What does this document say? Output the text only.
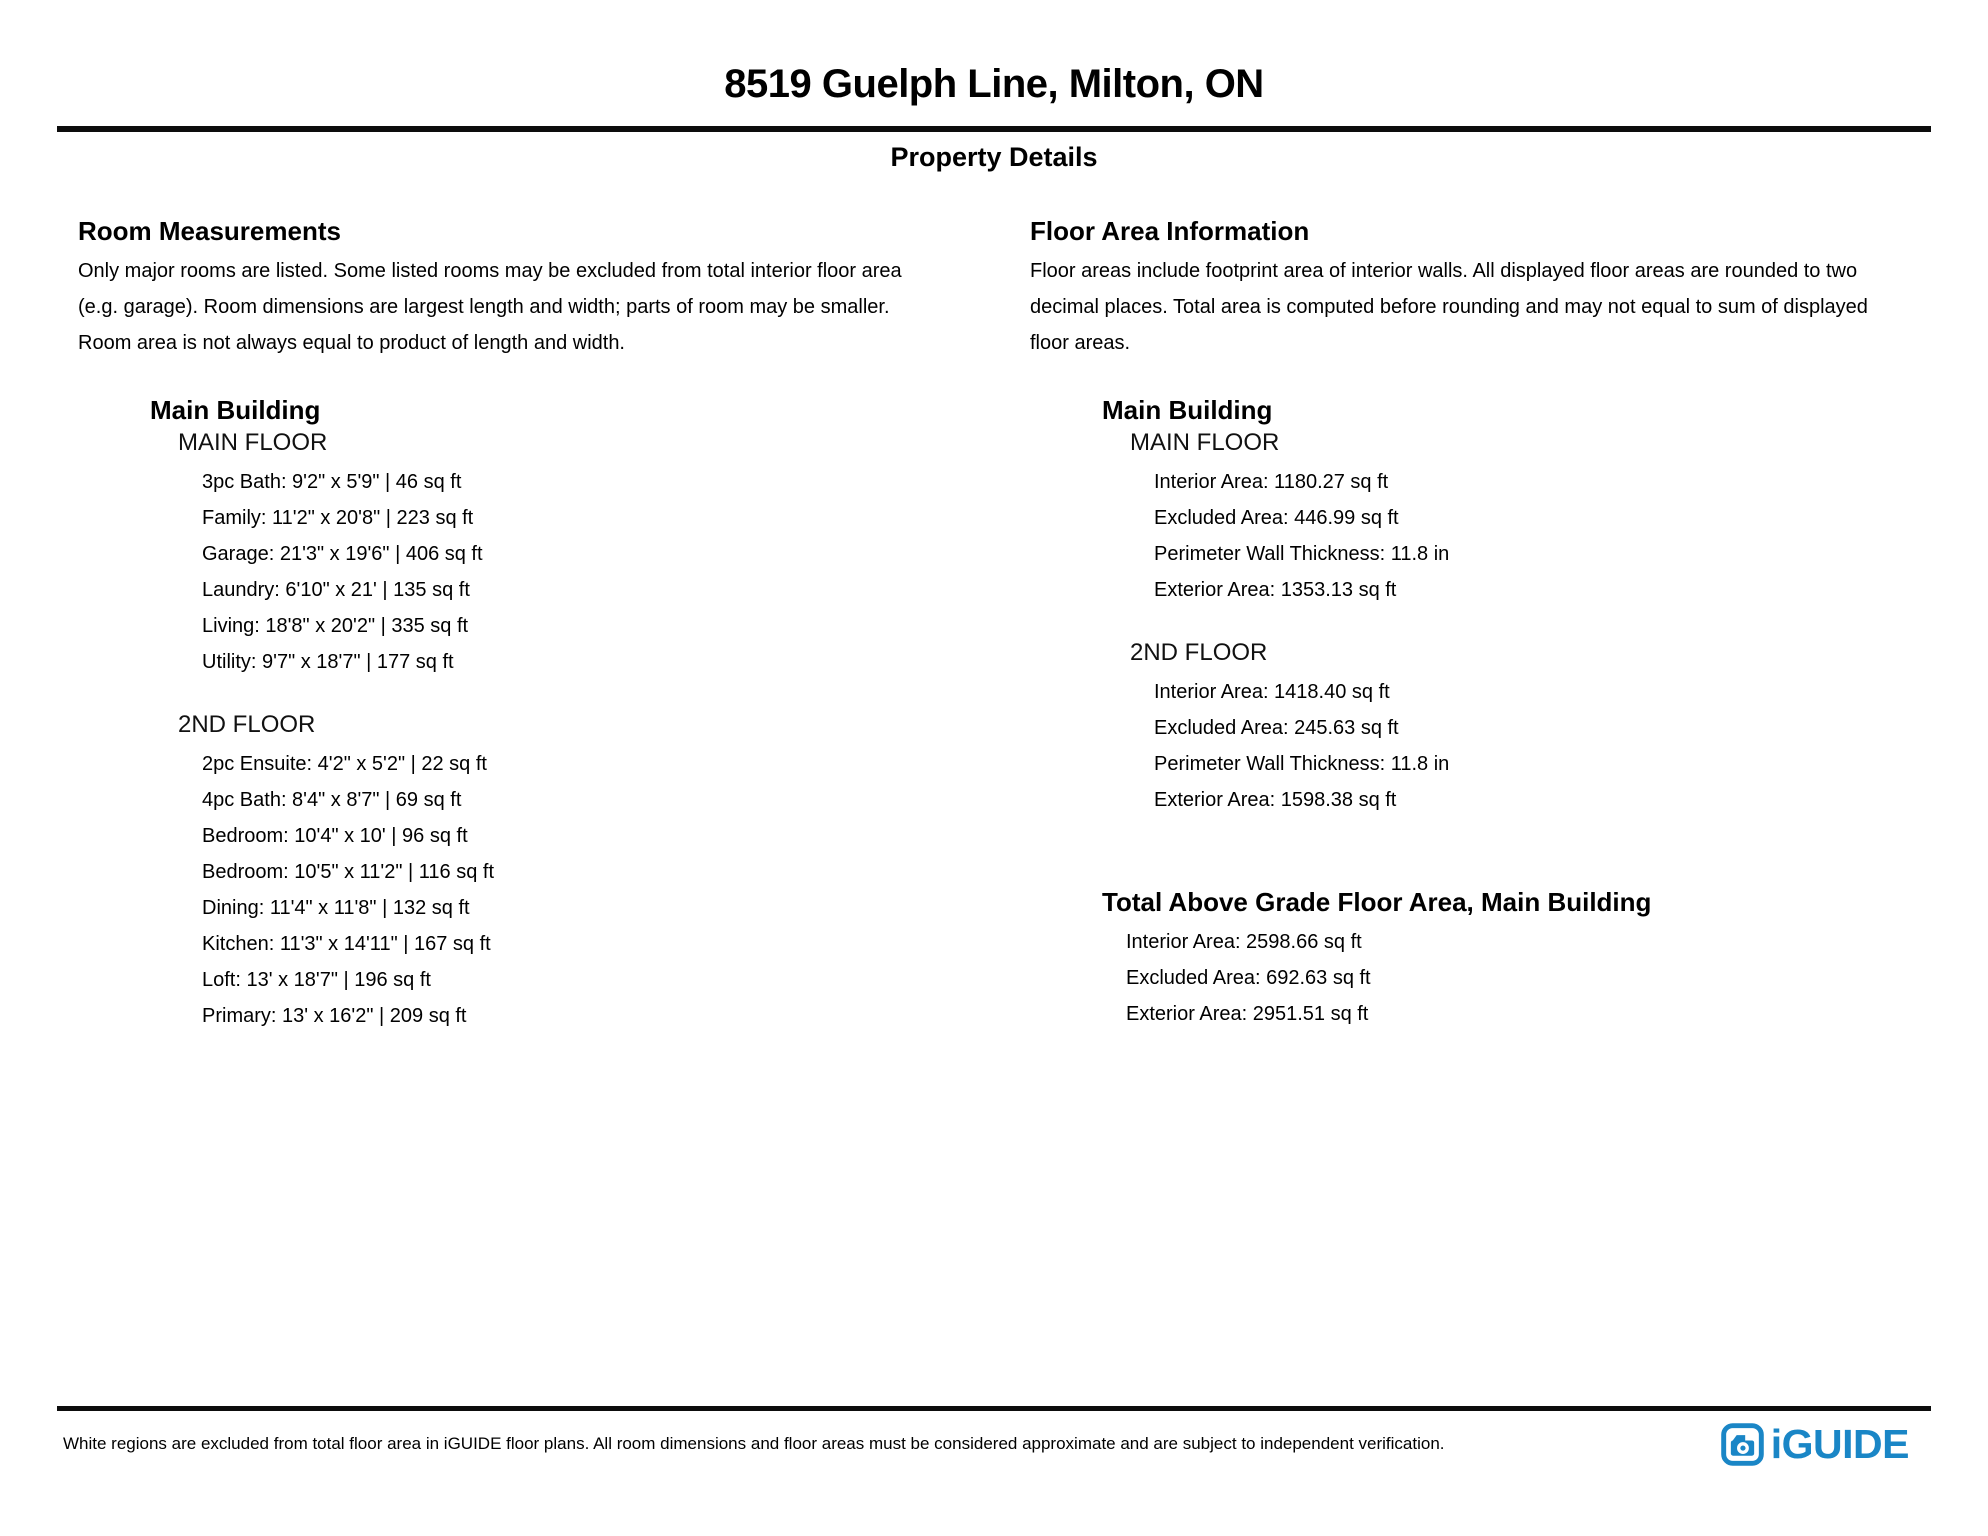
8519 Guelph Line, Milton, ON
Property Details
Room Measurements
Only major rooms are listed. Some listed rooms may be excluded from total interior floor area
(e.g. garage). Room dimensions are largest length and width; parts of room may be smaller.
Room area is not always equal to product of length and width.
Main Building
MAIN FLOOR
3pc Bath: 9'2" x 5'9" | 46 sq ft
Family: 11'2" x 20'8" | 223 sq ft
Garage: 21'3" x 19'6" | 406 sq ft
Laundry: 6'10" x 21' | 135 sq ft
Living: 18'8" x 20'2" | 335 sq ft
Utility: 9'7" x 18'7" | 177 sq ft
2ND FLOOR
2pc Ensuite: 4'2" x 5'2" | 22 sq ft
4pc Bath: 8'4" x 8'7" | 69 sq ft
Bedroom: 10'4" x 10' | 96 sq ft
Bedroom: 10'5" x 11'2" | 116 sq ft
Dining: 11'4" x 11'8" | 132 sq ft
Kitchen: 11'3" x 14'11" | 167 sq ft
Loft: 13' x 18'7" | 196 sq ft
Primary: 13' x 16'2" | 209 sq ft
Floor Area Information
Floor areas include footprint area of interior walls. All displayed floor areas are rounded to two
decimal places. Total area is computed before rounding and may not equal to sum of displayed
floor areas.
Main Building
MAIN FLOOR
Interior Area: 1180.27 sq ft
Excluded Area: 446.99 sq ft
Perimeter Wall Thickness: 11.8 in
Exterior Area: 1353.13 sq ft
2ND FLOOR
Interior Area: 1418.40 sq ft
Excluded Area: 245.63 sq ft
Perimeter Wall Thickness: 11.8 in
Exterior Area: 1598.38 sq ft
Total Above Grade Floor Area, Main Building
Interior Area: 2598.66 sq ft
Excluded Area: 692.63 sq ft
Exterior Area: 2951.51 sq ft
White regions are excluded from total floor area in iGUIDE floor plans. All room dimensions and floor areas must be considered approximate and are subject to independent verification.	iGUIDE
